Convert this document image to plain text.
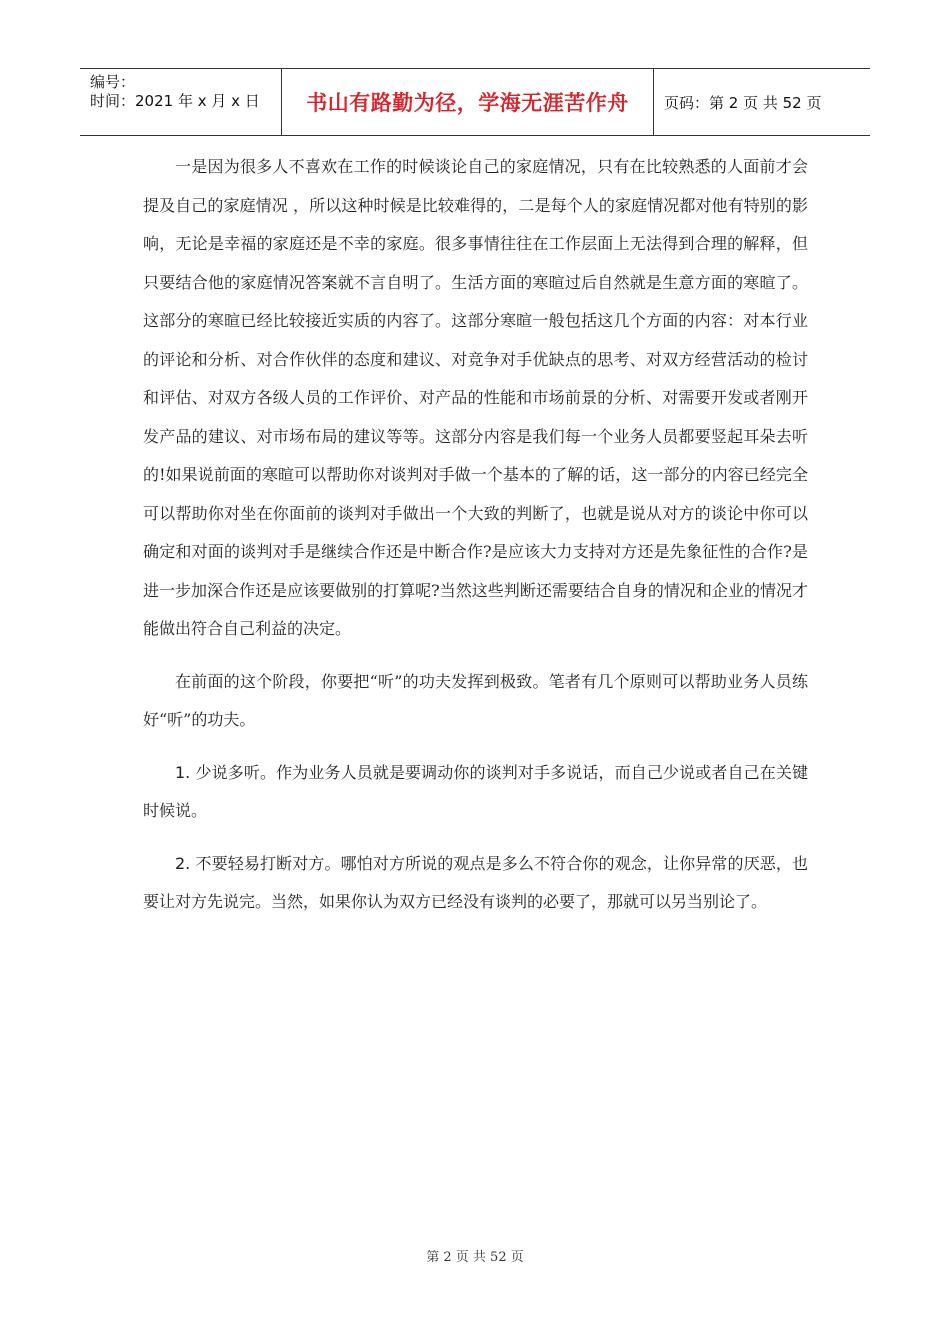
编号：
时间：2021 年 x 月 x 日	书山有路勤为径，学海无涯苦作舟	页码：第 2 页 共 52 页

一是因为很多人不喜欢在工作的时候谈论自己的家庭情况，只有在比较熟悉的人面前才会提及自己的家庭情况 ，所以这种时候是比较难得的，二是每个人的家庭情况都对他有特别的影响，无论是幸福的家庭还是不幸的家庭。很多事情往往在工作层面上无法得到合理的解释，但只要结合他的家庭情况答案就不言自明了。生活方面的寒暄过后自然就是生意方面的寒暄了。这部分的寒暄已经比较接近实质的内容了。这部分寒暄一般包括这几个方面的内容：对本行业的评论和分析、对合作伙伴的态度和建议、对竞争对手优缺点的思考、对双方经营活动的检讨和评估、对双方各级人员的工作评价、对产品的性能和市场前景的分析、对需要开发或者刚开发产品的建议、对市场布局的建议等等。这部分内容是我们每一个业务人员都要竖起耳朵去听的!如果说前面的寒暄可以帮助你对谈判对手做一个基本的了解的话，这一部分的内容已经完全可以帮助你对坐在你面前的谈判对手做出一个大致的判断了，也就是说从对方的谈论中你可以确定和对面的谈判对手是继续合作还是中断合作?是应该大力支持对方还是先象征性的合作?是进一步加深合作还是应该要做别的打算呢?当然这些判断还需要结合自身的情况和企业的情况才能做出符合自己利益的决定。

在前面的这个阶段，你要把“听”的功夫发挥到极致。笔者有几个原则可以帮助业务人员练好“听”的功夫。

1. 少说多听。作为业务人员就是要调动你的谈判对手多说话，而自己少说或者自己在关键时候说。

2. 不要轻易打断对方。哪怕对方所说的观点是多么不符合你的观念，让你异常的厌恶，也要让对方先说完。当然，如果你认为双方已经没有谈判的必要了，那就可以另当别论了。

第 2 页 共 52 页
